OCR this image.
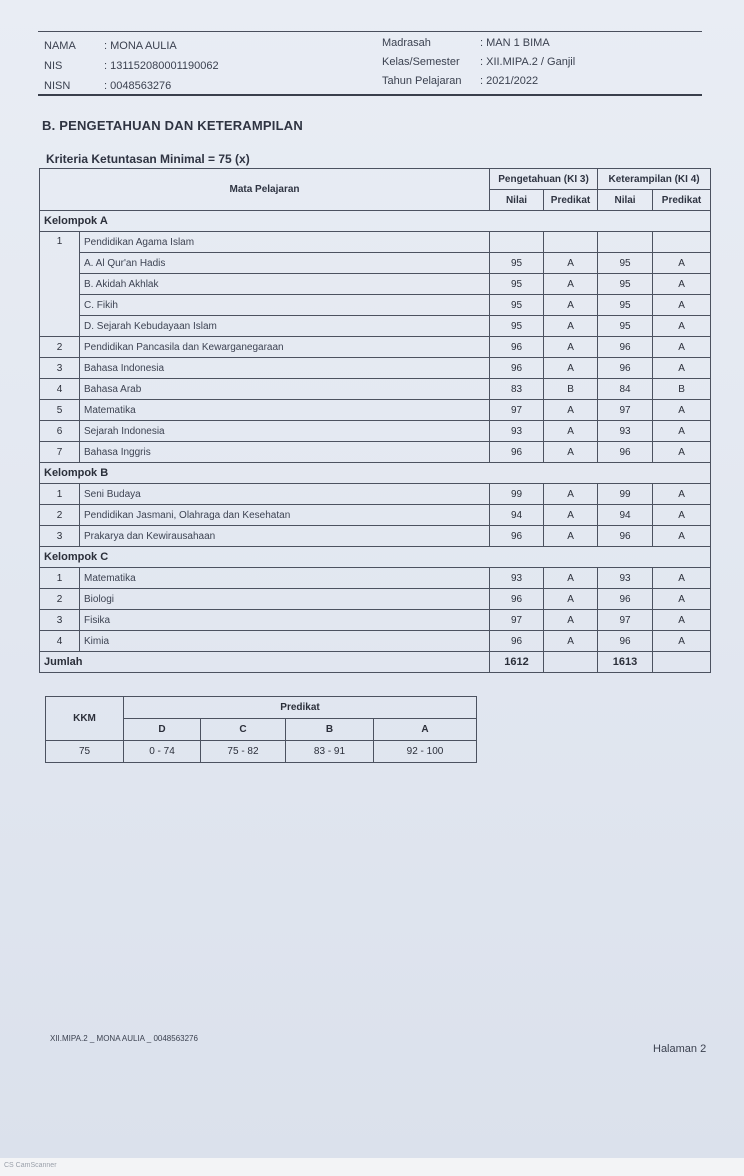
NAMA	: MONA AULIA
NIS	: 131152080001190062
NISN	: 0048563276
Madrasah	: MAN 1 BIMA
Kelas/Semester : XII.MIPA.2 / Ganjil
Tahun Pelajaran : 2021/2022
B. PENGETAHUAN DAN KETERAMPILAN
Kriteria Ketuntasan Minimal = 75 (x)
Mata Pelajaran		Pengetahuan (KI 3)		Keterampilan (KI 4)	
		Nilai	Predikat	Nilai	Predikat
Kelompok A					
1	Pendidikan Agama Islam				
	A. Al Qur'an Hadis	95	A	95	A
	B. Akidah Akhlak	95	A	95	A
	C. Fikih	95	A	95	A
	D. Sejarah Kebudayaan Islam	95	A	95	A
2	Pendidikan Pancasila dan Kewarganegaraan	96	A	96	A
3	Bahasa Indonesia	96	A	96	A
4	Bahasa Arab	83	B	84	B
5	Matematika	97	A	97	A
6	Sejarah Indonesia	93	A	93	A
7	Bahasa Inggris	96	A	96	A
Kelompok B					
1	Seni Budaya	99	A	99	A
2	Pendidikan Jasmani, Olahraga dan Kesehatan	94	A	94	A
3	Prakarya dan Kewirausahaan	96	A	96	A
Kelompok C					
1	Matematika	93	A	93	A
2	Biologi	96	A	96	A
3	Fisika	97	A	97	A
4	Kimia	96	A	96	A
Jumlah		1612		1613	
KKM	Predikat			
	D	C	B	A
75	0 - 74	75 - 82	83 - 91	92 - 100
XII.MIPA.2 _ MONA AULIA _ 0048563276
Halaman 2
CS CamScanner
